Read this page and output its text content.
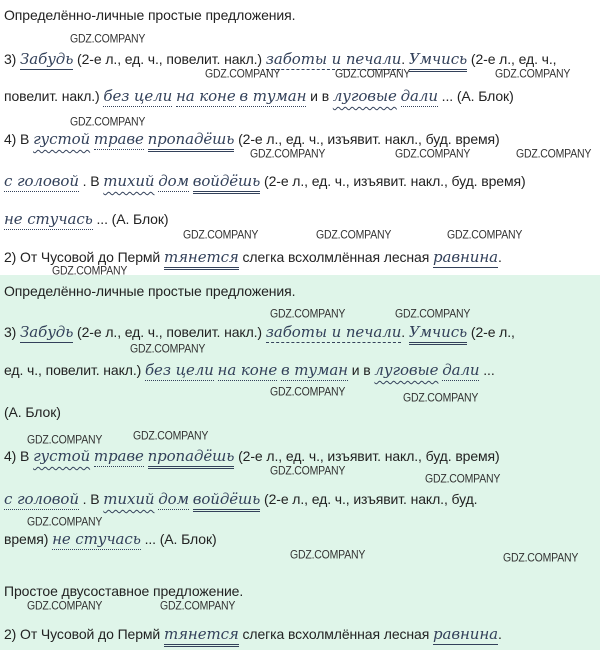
Определённо-личные простые предложения.
3) Забудь (2-е л., ед. ч., повелит. накл.) заботы и печали. Умчись (2-е л., ед. ч.,
повелит. накл.) без цели на коне в туман и в луговые дали ... (А. Блок)
4) В густой траве пропадёшь (2-е л., ед. ч., изъявит. накл., буд. время)
с головой . В тихий дом войдёшь (2-е л., ед. ч., изъявит. накл., буд. время)
не стучась ... (А. Блок)
2) От Чусовой до Пермй тянется слегка всхолмлённая лесная равнина.
Определённо-личные простые предложения.
3) Забудь (2-е л., ед. ч., повелит. накл.) заботы и печали. Умчись (2-е л.,
ед. ч., повелит. накл.) без цели на коне в туман и в луговые дали ...
(А. Блок)
4) В густой траве пропадёшь (2-е л., ед. ч., изъявит. накл., буд. время)
с головой . В тихий дом войдёшь (2-е л., ед. ч., изъявит. накл., буд.
время) не стучась ... (А. Блок)
Простое двусоставное предложение.
2) От Чусовой до Пермй тянется слегка всхолмлённая лесная равнина.
GDZ.COMPANY
GDZ.COMPANY	GDZ.COMPANY	GDZ.COMPANY
GDZ.COMPANY
GDZ.COMPANY	GDZ.COMPANY	GDZ.COMPANY
GDZ.COMPANY	GDZ.COMPANY	GDZ.COMPANY
GDZ.COMPANY
GDZ.COMPANY	GDZ.COMPANY
GDZ.COMPANY
GDZ.COMPANY	GDZ.COMPANY
GDZ.COMPANY	GDZ.COMPANY
GDZ.COMPANY
GDZ.COMPANY
GDZ.COMPANY
GDZ.COMPANY	GDZ.COMPANY
GDZ.COMPANY	GDZ.COMPANY
